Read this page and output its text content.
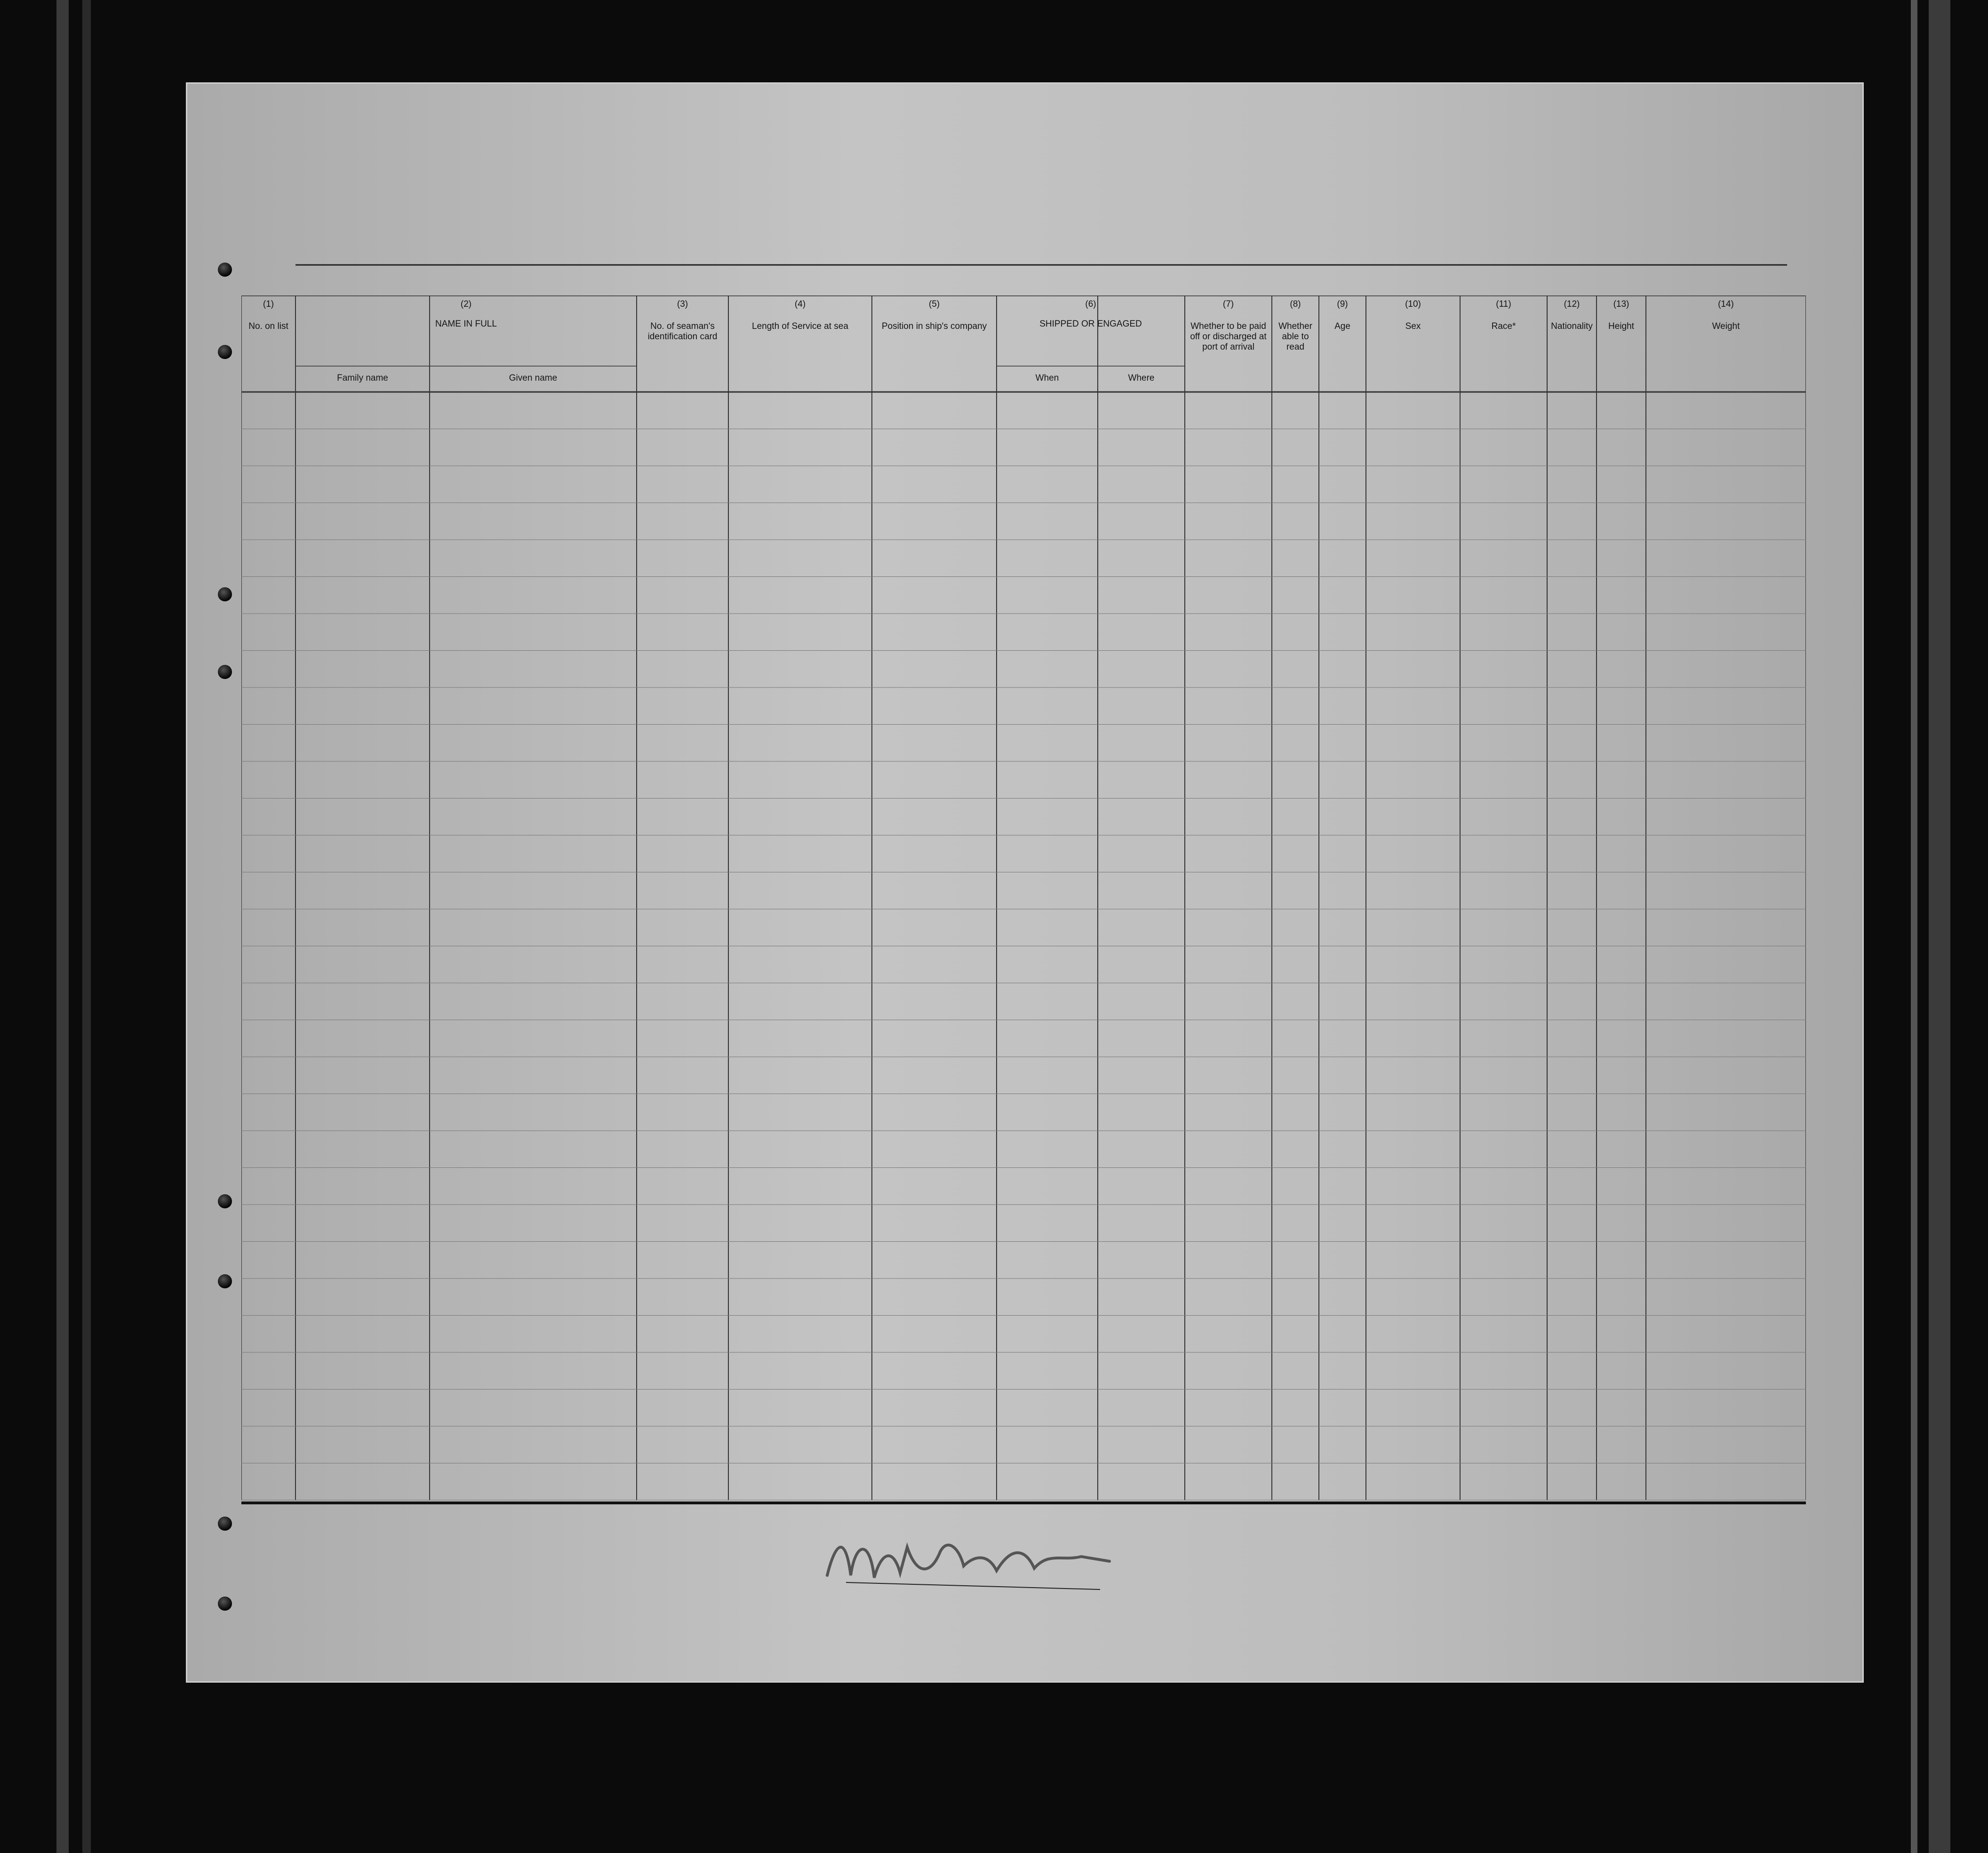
(1)
No. on list
(2)
NAME IN FULL
Family name	Given name
(3)
No. of seaman's identification card
(4)
Length of Service at sea
(5)
Position in ship's company
(6)
SHIPPED OR ENGAGED
When	Where
(7)
Whether to be paid off or discharged at port of arrival
(8)
Whether able to read
(9)
Age
(10)
Sex
(11)
Race*
(12)
Nationality
(13)
Height
(14)
Weight
